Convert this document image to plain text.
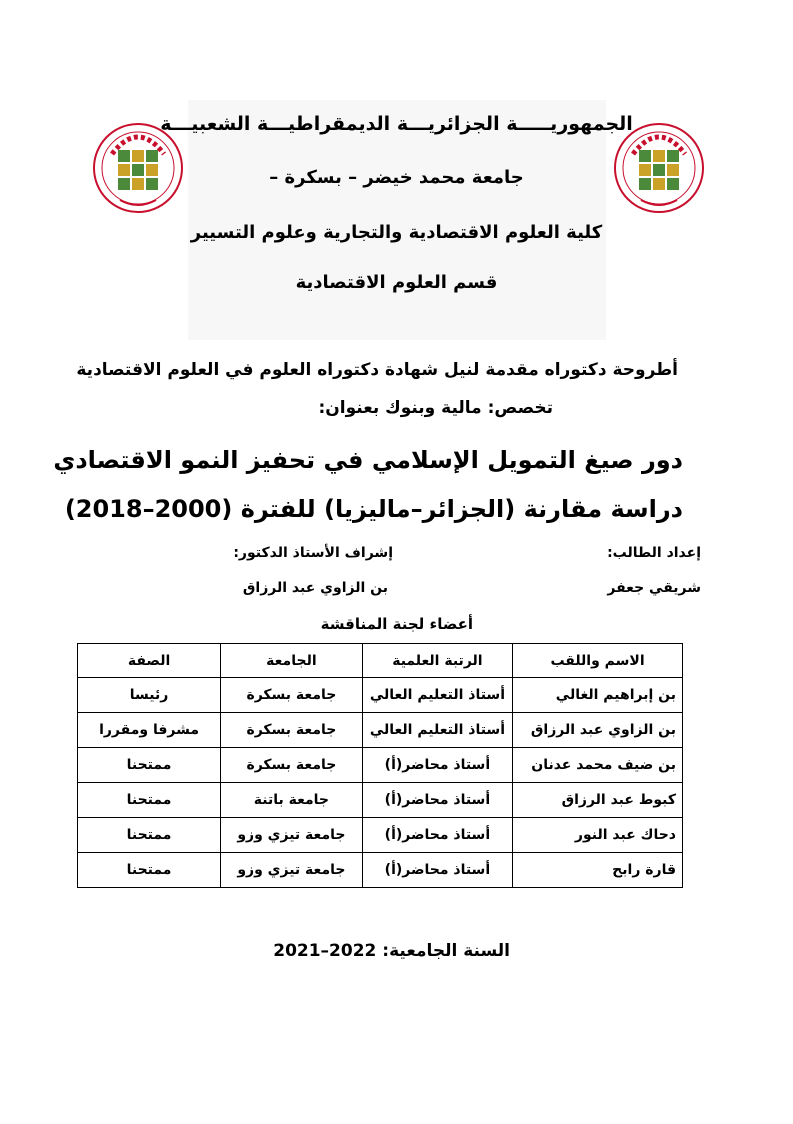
الجمهوريـــــة الجزائريـــة الديمقراطيـــة الشعبيـــة
جامعة محمد خيضر – بسكرة –
كلية العلوم الاقتصادية والتجارية وعلوم التسيير
قسم العلوم الاقتصادية
أطروحة دكتوراه مقدمة لنيل شهادة دكتوراه العلوم في العلوم الاقتصادية
تخصص: مالية وبنوك بعنوان:
دور صيغ التمويل الإسلامي في تحفيز النمو الاقتصادي
دراسة مقارنة (الجزائر–ماليزيا) للفترة (2000–2018)
إعداد الطالب:
شريقي جعفر
إشراف الأستاذ الدكتور:
بن الزاوي عبد الرزاق
أعضاء لجنة المناقشة
الاسم واللقب	الرتبة العلمية	الجامعة	الصفة
بن إبراهيم الغالي	أستاذ التعليم العالي	جامعة بسكرة	رئيسا
بن الزاوي عبد الرزاق	أستاذ التعليم العالي	جامعة بسكرة	مشرفا ومقررا
بن ضيف محمد عدنان	أستاذ محاضر(أ)	جامعة بسكرة	ممتحنا
كبوط عبد الرزاق	أستاذ محاضر(أ)	جامعة باتنة	ممتحنا
دحاك عبد النور	أستاذ محاضر(أ)	جامعة تيزي وزو	ممتحنا
قارة رابح	أستاذ محاضر(أ)	جامعة تيزي وزو	ممتحنا
السنة الجامعية: 2021–2022
